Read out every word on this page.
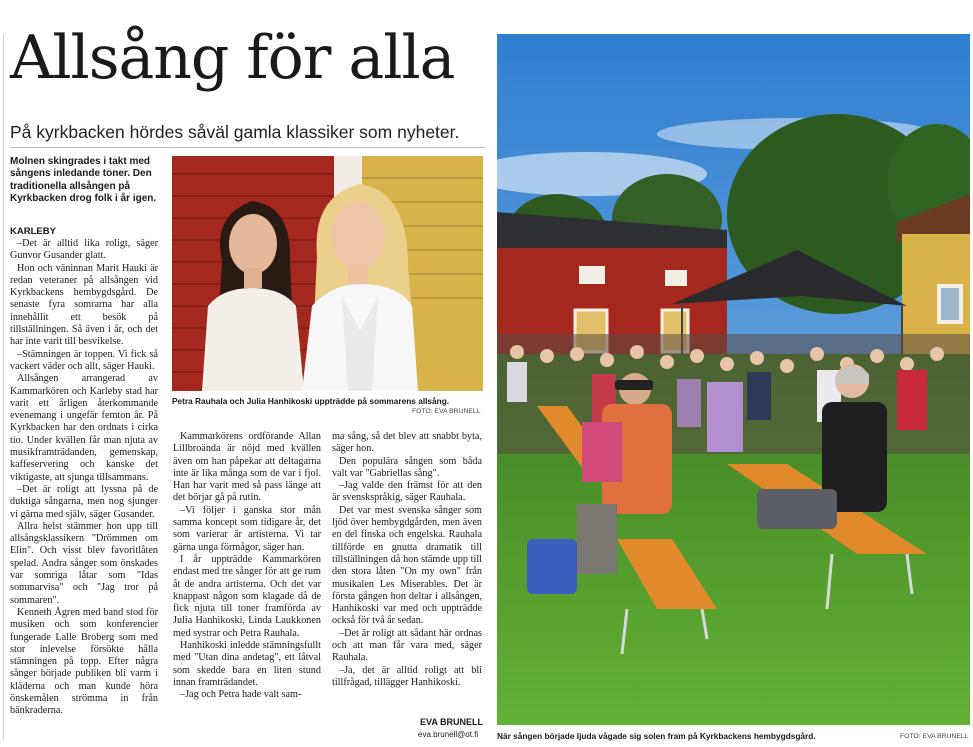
Allsång för alla
På kyrkbacken hördes såväl gamla klassiker som nyheter.
Molnen skingrades i takt med sångens inledande toner. Den traditionella allsången på Kyrkbacken drog folk i år igen.
KARLEBY

–Det är alltid lika roligt, säger Gunvor Gusander glatt.

Hon och väninnan Marit Hauki är redan veteraner på allsången vid Kyrkbackens hembygdsgård. De senaste fyra somrarna har alla innehållit ett besök på tillställningen. Så även i år, och det har inte varit till besvikelse.

–Stämningen är toppen. Vi fick så vackert väder och allt, säger Hauki.

Allsången arrangerad av Kammarkören och Karleby stad har varit ett årligen återkommande evenemang i ungefär femton år. På Kyrkbacken har den ordnats i cirka tio. Under kvällen får man njuta av musikframträdanden, gemenskap, kaffeservering och kanske det viktigaste, att sjunga tillsammans.

–Det är roligt att lyssna på de duktiga sångarna, men nog sjunger vi gärna med själv, säger Gusander.

Allra helst stämmer hon upp till allsångsklassikern "Drömmen om Elin". Och visst blev favoritlåten spelad. Andra sånger som önskades var somriga låtar som "Idas sommarvisa" och "Jag tror på sommaren".

Kenneth Ågren med band stod för musiken och som konferencier fungerade Lalle Broberg som med stor inlevelse försökte hålla stämningen på topp. Efter några sånger började publiken bli varm i kläderna och man kunde höra önskemålen strömma in från bänkraderna.

Petra Rauhala och Julia Hanhikoski uppträdde på sommarens allsång.
FOTO: EVA BRUNELL

Kammarkörens ordförande Allan Lillbroända är nöjd med kvällen även om han påpekar att deltagarna inte är lika många som de var i fjol. Han har varit med så pass länge att det börjar gå på rutin.

–Vi följer i ganska stor mån samma koncept som tidigare år, det som varierar är artisterna. Vi tar gärna unga förmågor, säger han.

I år uppträdde Kammarkören endast med tre sånger för att ge rum åt de andra artisterna. Och det var knappast någon som klagade då de fick njuta till toner framförda av Julia Hanhikoski, Linda Laukkonen med systrar och Petra Rauhala.

Hanhikoski inledde stämningsfullt med "Utan dina andetag", ett låtval som skedde bara en liten stund innan framträdandet.

–Jag och Petra hade valt sam-

ma sång, så det blev att snabbt byta, säger hon.

Den populära sången som båda valt var "Gabriellas sång".

–Jag valde den främst för att den är svenskspråkig, säger Rauhala.

Det var mest svenska sånger som ljöd över hembygdgården, men även en del finska och engelska. Rauhala tillförde en gnutta dramatik till tillställningen då hon stämde upp till den stora låten "On my own" från musikalen Les Miserables. Det är första gången hon deltar i allsången, Hanhikoski var med och uppträdde också för två år sedan.

–Det är roligt att sådant här ordnas och att man får vara med, säger Rauhala.

–Ja, det är alltid roligt att bli tillfrågad, tillägger Hanhikoski.

EVA BRUNELL
eva.brunell@ot.fi När sången började ljuda vågade sig solen fram på Kyrkbackens hembygdsgård.	FOTO: EVA BRUNELL
